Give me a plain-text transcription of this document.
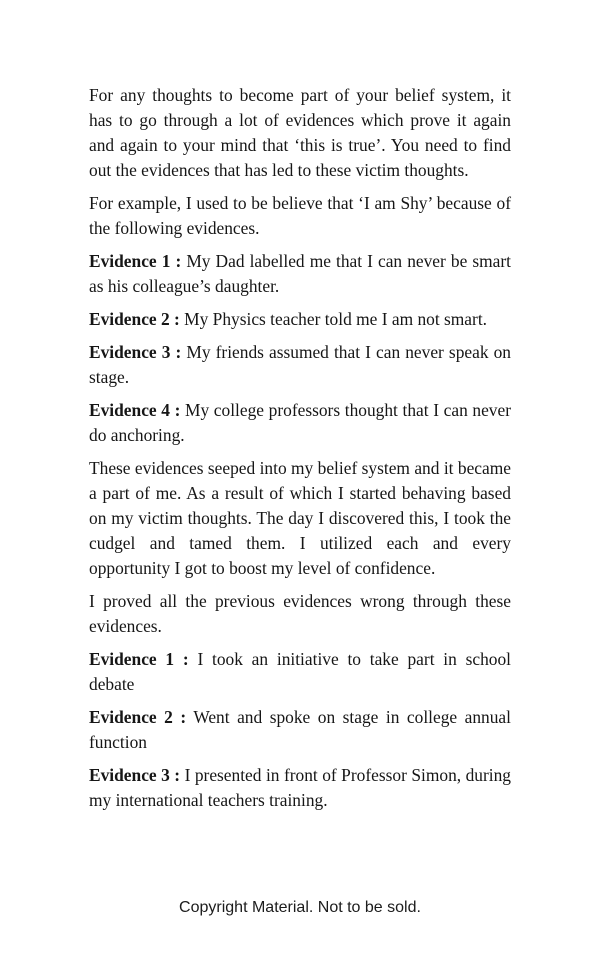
For any thoughts to become part of your belief system, it has to go through a lot of evidences which prove it again and again to your mind that ‘this is true’. You need to find out the evidences that has led to these victim thoughts.

For example, I used to be believe that ‘I am Shy’ because of the following evidences.

Evidence 1 : My Dad labelled me that I can never be smart as his colleague’s daughter.

Evidence 2 : My Physics teacher told me I am not smart.

Evidence 3 : My friends assumed that I can never speak on stage.

Evidence 4 : My college professors thought that I can never do anchoring.

These evidences seeped into my belief system and it became a part of me. As a result of which I started behaving based on my victim thoughts. The day I discovered this, I took the cudgel and tamed them. I utilized each and every opportunity I got to boost my level of confidence.

I proved all the previous evidences wrong through these evidences.

Evidence 1 : I took an initiative to take part in school debate

Evidence 2 : Went and spoke on stage in college annual function

Evidence 3 : I presented in front of Professor Simon, during my international teachers training.

Copyright Material. Not to be sold.
